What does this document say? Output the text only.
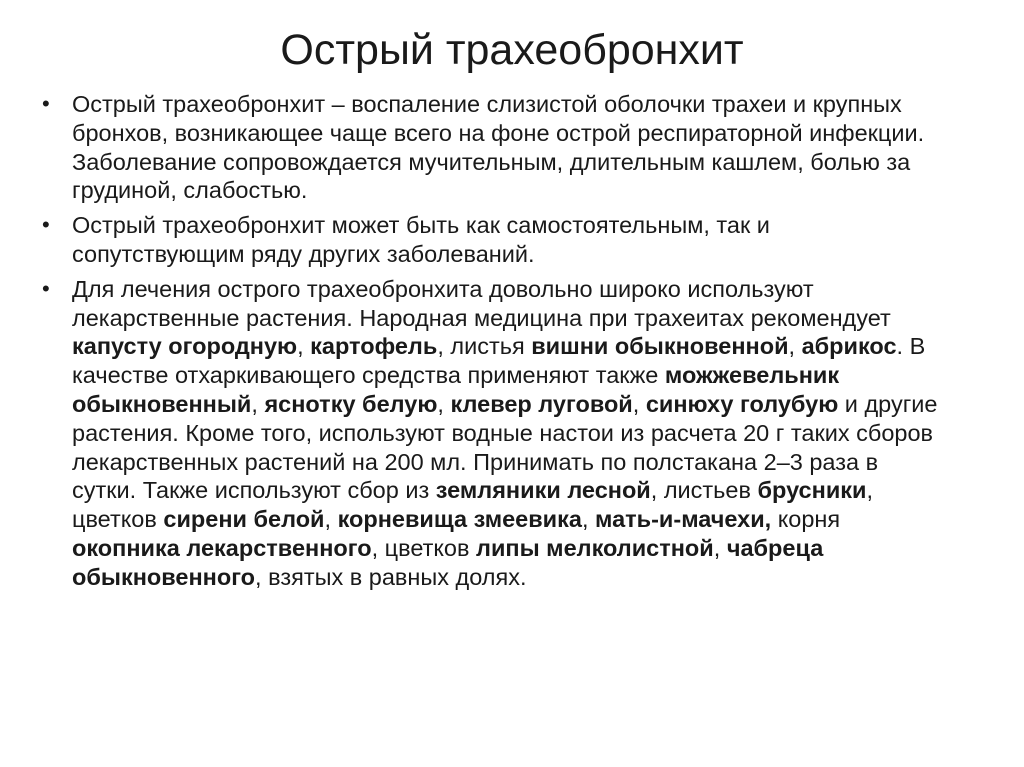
Острый трахеобронхит
• Острый трахеобронхит – воспаление слизистой оболочки трахеи и крупных бронхов, возникающее чаще всего на фоне острой респираторной инфекции. Заболевание сопровождается мучительным, длительным кашлем, болью за грудиной, слабостью.
• Острый трахеобронхит может быть как самостоятельным, так и сопутствующим ряду других заболеваний.
• Для лечения острого трахеобронхита довольно широко используют лекарственные растения. Народная медицина при трахеитах рекомендует капусту огородную, картофель, листья вишни обыкновенной, абрикос. В качестве отхаркивающего средства применяют также можжевельник обыкновенный, яснотку белую, клевер луговой, синюху голубую и другие растения. Кроме того, используют водные настои из расчета 20 г таких сборов лекарственных растений на 200 мл. Принимать по полстакана 2–3 раза в сутки. Также используют сбор из земляники лесной, листьев брусники, цветков сирени белой, корневища змеевика, мать-и-мачехи, корня окопника лекарственного, цветков липы мелколистной, чабреца обыкновенного, взятых в равных долях.
